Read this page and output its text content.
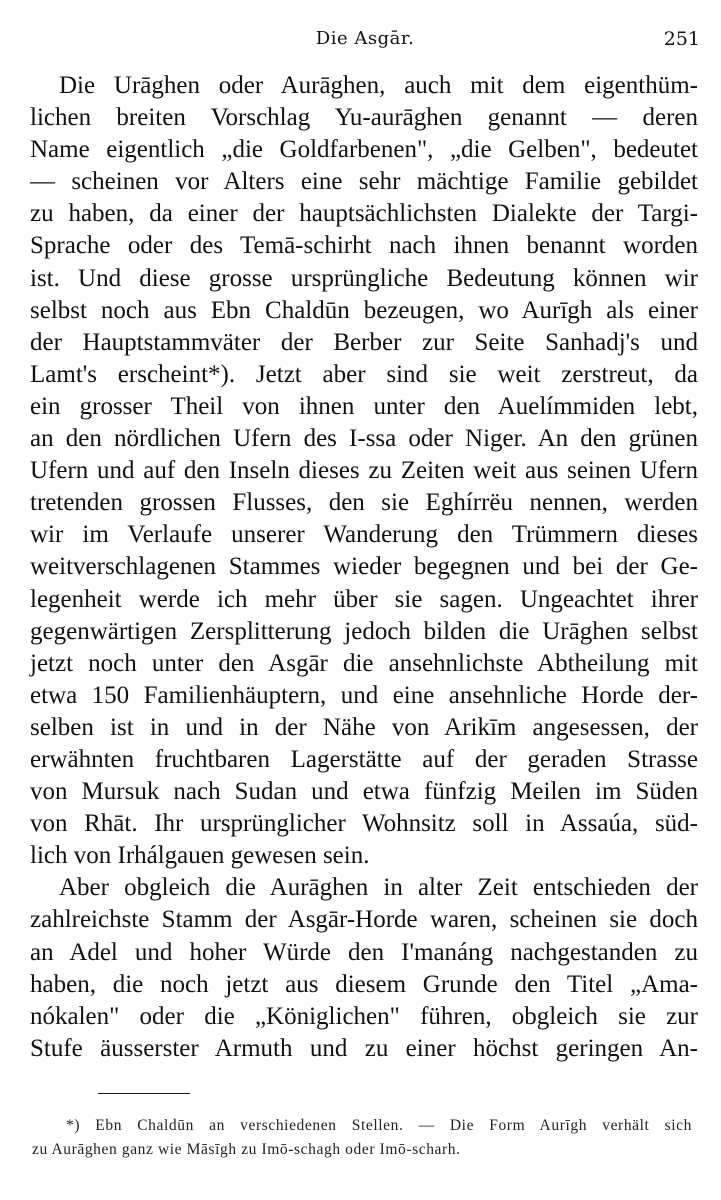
Die Asgār.	251
Die Urāghen oder Aurāghen, auch mit dem eigenthüm-
lichen breiten Vorschlag Yu-aurāghen genannt — deren
Name eigentlich „die Goldfarbenen", „die Gelben", bedeutet
— scheinen vor Alters eine sehr mächtige Familie gebildet
zu haben, da einer der hauptsächlichsten Dialekte der Targi-
Sprache oder des Temā-schirht nach ihnen benannt worden
ist. Und diese grosse ursprüngliche Bedeutung können wir
selbst noch aus Ebn Chaldūn bezeugen, wo Aurīgh als einer
der Hauptstammväter der Berber zur Seite Sanhadj's und
Lamt's erscheint*). Jetzt aber sind sie weit zerstreut, da
ein grosser Theil von ihnen unter den Auelímmiden lebt,
an den nördlichen Ufern des I-ssa oder Niger. An den grünen
Ufern und auf den Inseln dieses zu Zeiten weit aus seinen Ufern
tretenden grossen Flusses, den sie Eghírrëu nennen, werden
wir im Verlaufe unserer Wanderung den Trümmern dieses
weitverschlagenen Stammes wieder begegnen und bei der Ge-
legenheit werde ich mehr über sie sagen. Ungeachtet ihrer
gegenwärtigen Zersplitterung jedoch bilden die Urāghen selbst
jetzt noch unter den Asgār die ansehnlichste Abtheilung mit
etwa 150 Familienhäuptern, und eine ansehnliche Horde der-
selben ist in und in der Nähe von Arikīm angesessen, der
erwähnten fruchtbaren Lagerstätte auf der geraden Strasse
von Mursuk nach Sudan und etwa fünfzig Meilen im Süden
von Rhāt. Ihr ursprünglicher Wohnsitz soll in Assaúa, süd-
lich von Irhálgauen gewesen sein.
Aber obgleich die Aurāghen in alter Zeit entschieden der
zahlreichste Stamm der Asgār-Horde waren, scheinen sie doch
an Adel und hoher Würde den I'manáng nachgestanden zu
haben, die noch jetzt aus diesem Grunde den Titel „Ama-
nókalen" oder die „Königlichen" führen, obgleich sie zur
Stufe äusserster Armuth und zu einer höchst geringen An-
*) Ebn Chaldūn an verschiedenen Stellen. — Die Form Aurīgh verhält sich
zu Aurāghen ganz wie Māsīgh zu Imō-schagh oder Imō-scharh.
